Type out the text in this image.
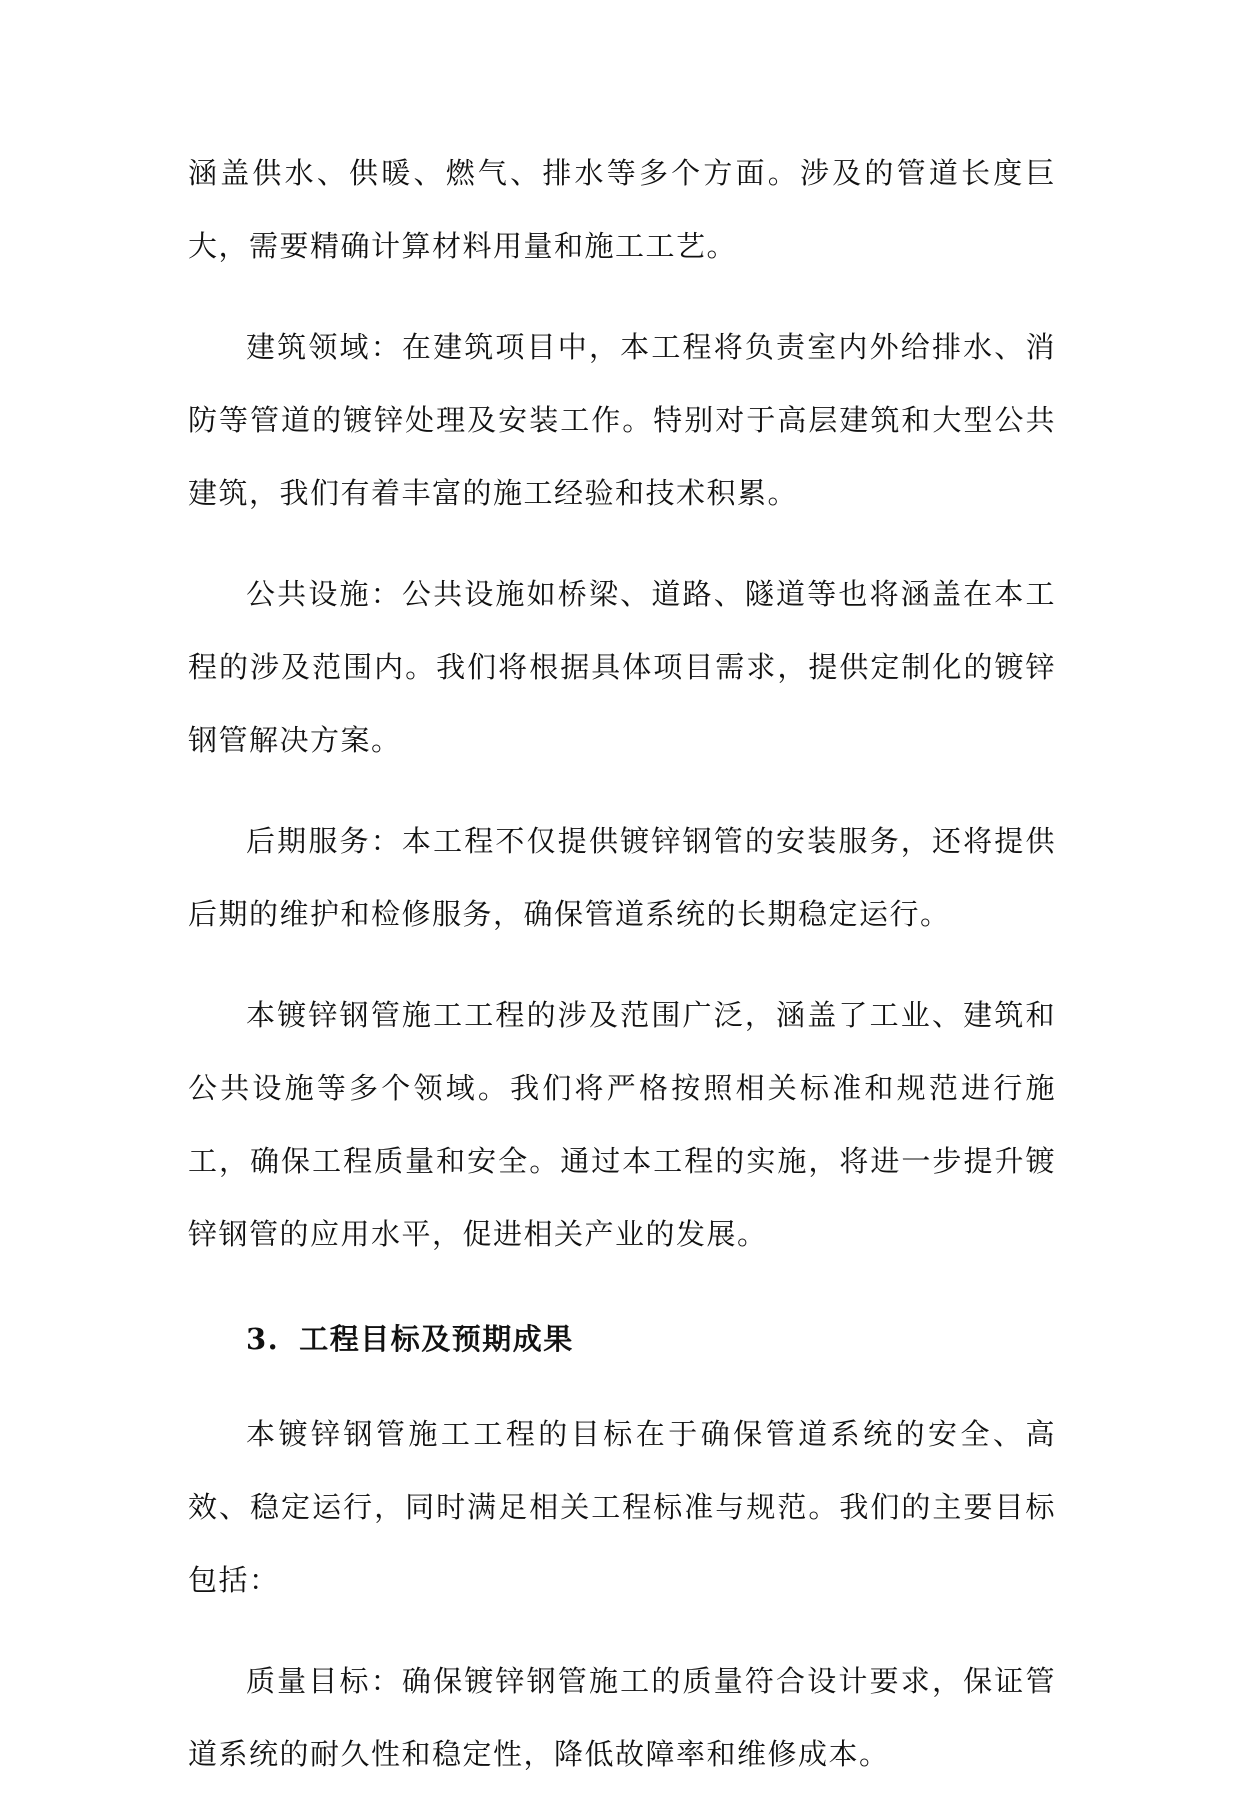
涵盖供水、供暖、燃气、排水等多个方面。涉及的管道长度巨大，需要精确计算材料用量和施工工艺。

建筑领域：在建筑项目中，本工程将负责室内外给排水、消防等管道的镀锌处理及安装工作。特别对于高层建筑和大型公共建筑，我们有着丰富的施工经验和技术积累。

公共设施：公共设施如桥梁、道路、隧道等也将涵盖在本工程的涉及范围内。我们将根据具体项目需求，提供定制化的镀锌钢管解决方案。

后期服务：本工程不仅提供镀锌钢管的安装服务，还将提供后期的维护和检修服务，确保管道系统的长期稳定运行。

本镀锌钢管施工工程的涉及范围广泛，涵盖了工业、建筑和公共设施等多个领域。我们将严格按照相关标准和规范进行施工，确保工程质量和安全。通过本工程的实施，将进一步提升镀锌钢管的应用水平，促进相关产业的发展。

3. 工程目标及预期成果

本镀锌钢管施工工程的目标在于确保管道系统的安全、高效、稳定运行，同时满足相关工程标准与规范。我们的主要目标包括：

质量目标：确保镀锌钢管施工的质量符合设计要求，保证管道系统的耐久性和稳定性，降低故障率和维修成本。
